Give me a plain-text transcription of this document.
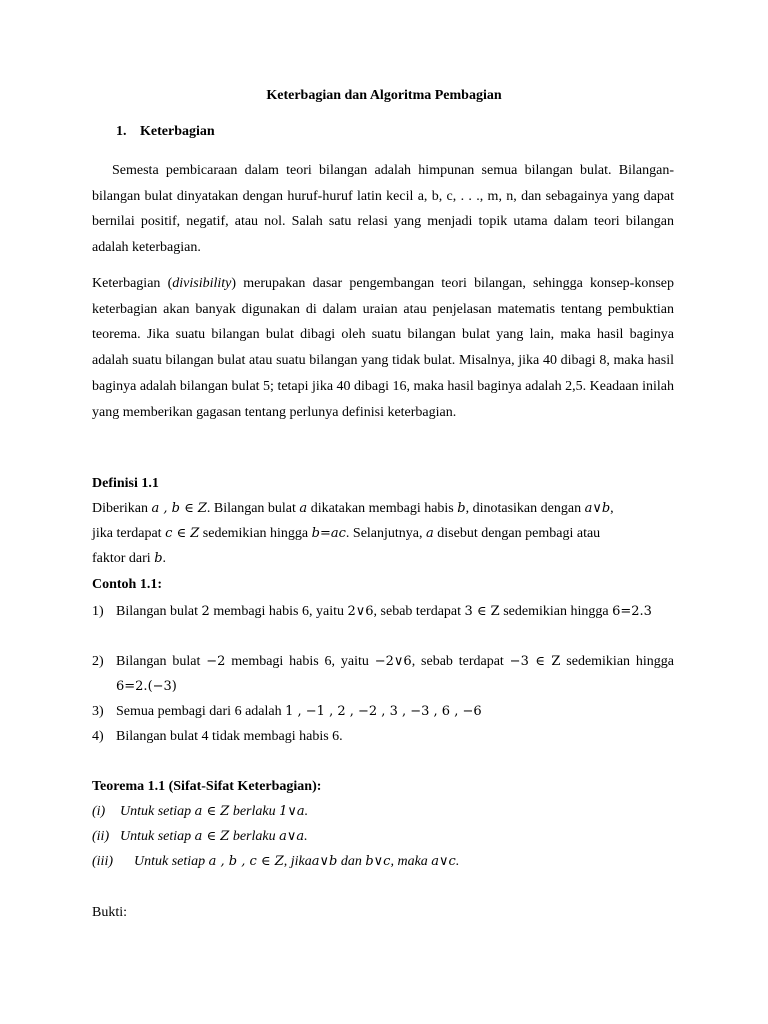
Keterbagian dan Algoritma Pembagian
1. Keterbagian
Semesta pembicaraan dalam teori bilangan adalah himpunan semua bilangan bulat. Bilangan-bilangan bulat dinyatakan dengan huruf-huruf latin kecil a, b, c, . . ., m, n, dan sebagainya yang dapat bernilai positif, negatif, atau nol. Salah satu relasi yang menjadi topik utama dalam teori bilangan adalah keterbagian.
Keterbagian (divisibility) merupakan dasar pengembangan teori bilangan, sehingga konsep-konsep keterbagian akan banyak digunakan di dalam uraian atau penjelasan matematis tentang pembuktian teorema. Jika suatu bilangan bulat dibagi oleh suatu bilangan bulat yang lain, maka hasil baginya adalah suatu bilangan bulat atau suatu bilangan yang tidak bulat. Misalnya, jika 40 dibagi 8, maka hasil baginya adalah bilangan bulat 5; tetapi jika 40 dibagi 16, maka hasil baginya adalah 2,5. Keadaan inilah yang memberikan gagasan tentang perlunya definisi keterbagian.
Definisi 1.1
Diberikan a , b ∈ Z. Bilangan bulat a dikatakan membagi habis b, dinotasikan dengan a∨b,
jika terdapat c ∈ Z sedemikian hingga b=ac. Selanjutnya, a disebut dengan pembagi atau
faktor dari b.
Contoh 1.1:
1) Bilangan bulat 2 membagi habis 6, yaitu 2∨6, sebab terdapat 3 ∈ Z sedemikian hingga 6=2.3
2) Bilangan bulat −2 membagi habis 6, yaitu −2∨6, sebab terdapat −3 ∈ Z sedemikian hingga 6=2.(−3)
3) Semua pembagi dari 6 adalah 1 , −1 , 2 , −2 , 3 , −3 , 6 , −6
4) Bilangan bulat 4 tidak membagi habis 6.
Teorema 1.1 (Sifat-Sifat Keterbagian):
(i) Untuk setiap a ∈ Z berlaku 1∨a.
(ii) Untuk setiap a ∈ Z berlaku a∨a.
(iii) Untuk setiap a , b , c ∈ Z, jikaa∨b dan b∨c, maka a∨c.
Bukti:
